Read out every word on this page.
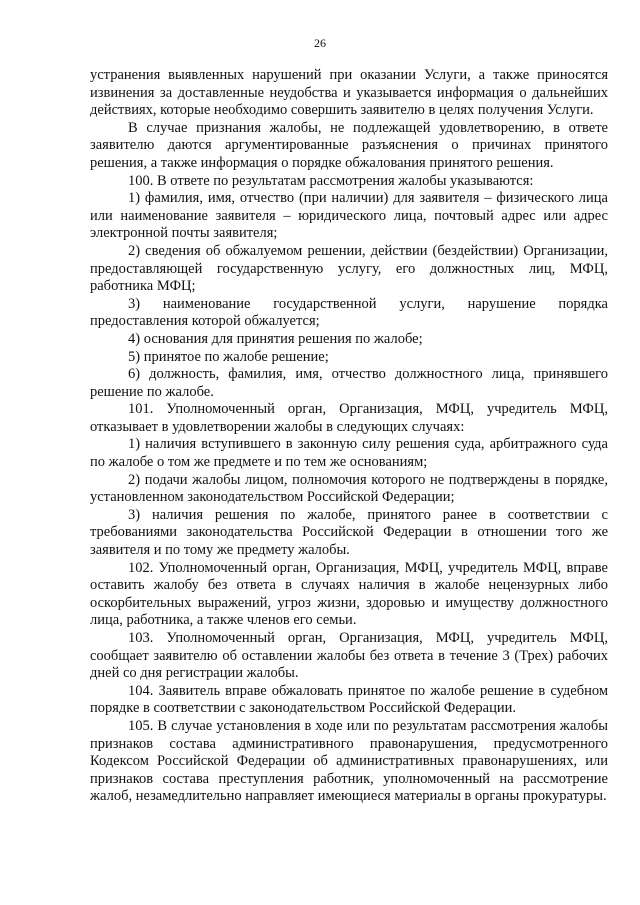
26

устранения выявленных нарушений при оказании Услуги, а также приносятся извинения за доставленные неудобства и указывается информация о дальнейших действиях, которые необходимо совершить заявителю в целях получения Услуги.

В случае признания жалобы, не подлежащей удовлетворению, в ответе заявителю даются аргументированные разъяснения о причинах принятого решения, а также информация о порядке обжалования принятого решения.

100. В ответе по результатам рассмотрения жалобы указываются:

1) фамилия, имя, отчество (при наличии) для заявителя – физического лица или наименование заявителя – юридического лица, почтовый адрес или адрес электронной почты заявителя;

2) сведения об обжалуемом решении, действии (бездействии) Организации, предоставляющей государственную услугу, его должностных лиц, МФЦ, работника МФЦ;

3) наименование государственной услуги, нарушение порядка предоставления которой обжалуется;

4) основания для принятия решения по жалобе;

5) принятое по жалобе решение;

6) должность, фамилия, имя, отчество должностного лица, принявшего решение по жалобе.

101. Уполномоченный орган, Организация, МФЦ, учредитель МФЦ, отказывает в удовлетворении жалобы в следующих случаях:

1) наличия вступившего в законную силу решения суда, арбитражного суда по жалобе о том же предмете и по тем же основаниям;

2) подачи жалобы лицом, полномочия которого не подтверждены в порядке, установленном законодательством Российской Федерации;

3) наличия решения по жалобе, принятого ранее в соответствии с требованиями законодательства Российской Федерации в отношении того же заявителя и по тому же предмету жалобы.

102. Уполномоченный орган, Организация, МФЦ, учредитель МФЦ, вправе оставить жалобу без ответа в случаях наличия в жалобе нецензурных либо оскорбительных выражений, угроз жизни, здоровью и имуществу должностного лица, работника, а также членов его семьи.

103. Уполномоченный орган, Организация, МФЦ, учредитель МФЦ, сообщает заявителю об оставлении жалобы без ответа в течение 3 (Трех) рабочих дней со дня регистрации жалобы.

104. Заявитель вправе обжаловать принятое по жалобе решение в судебном порядке в соответствии с законодательством Российской Федерации.

105. В случае установления в ходе или по результатам рассмотрения жалобы признаков состава административного правонарушения, предусмотренного Кодексом Российской Федерации об административных правонарушениях, или признаков состава преступления работник, уполномоченный на рассмотрение жалоб, незамедлительно направляет имеющиеся материалы в органы прокуратуры.
